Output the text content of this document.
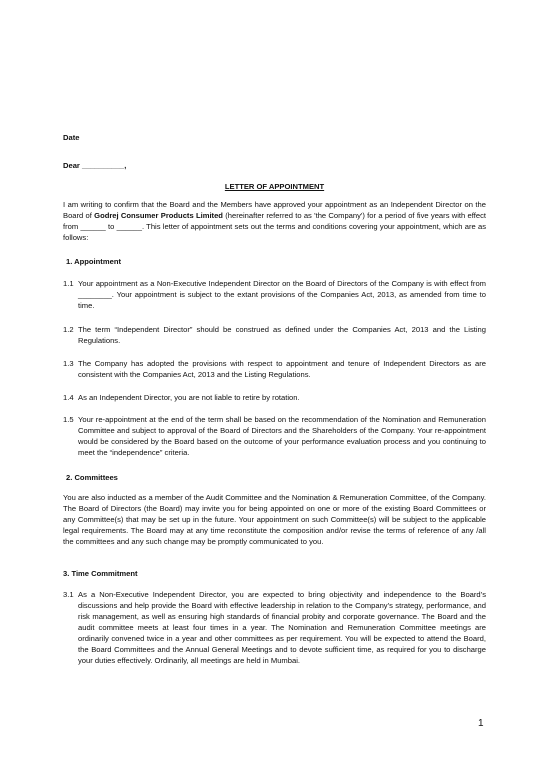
Date
Dear __________,
LETTER OF APPOINTMENT
I am writing to confirm that the Board and the Members have approved your appointment as an Independent Director on the Board of Godrej Consumer Products Limited (hereinafter referred to as 'the Company') for a period of five years with effect from ______ to ______. This letter of appointment sets out the terms and conditions covering your appointment, which are as follows:
1. Appointment
1.1 Your appointment as a Non-Executive Independent Director on the Board of Directors of the Company is with effect from ________. Your appointment is subject to the extant provisions of the Companies Act, 2013, as amended from time to time.
1.2 The term “Independent Director” should be construed as defined under the Companies Act, 2013 and the Listing Regulations.
1.3 The Company has adopted the provisions with respect to appointment and tenure of Independent Directors as are consistent with the Companies Act, 2013 and the Listing Regulations.
1.4 As an Independent Director, you are not liable to retire by rotation.
1.5 Your re-appointment at the end of the term shall be based on the recommendation of the Nomination and Remuneration Committee and subject to approval of the Board of Directors and the Shareholders of the Company. Your re-appointment would be considered by the Board based on the outcome of your performance evaluation process and you continuing to meet the “independence” criteria.
2. Committees
You are also inducted as a member of the Audit Committee and the Nomination & Remuneration Committee, of the Company. The Board of Directors (the Board) may invite you for being appointed on one or more of the existing Board Committees or any Committee(s) that may be set up in the future. Your appointment on such Committee(s) will be subject to the applicable legal requirements. The Board may at any time reconstitute the composition and/or revise the terms of reference of any /all the committees and any such change may be promptly communicated to you.
3. Time Commitment
3.1 As a Non-Executive Independent Director, you are expected to bring objectivity and independence to the Board’s discussions and help provide the Board with effective leadership in relation to the Company’s strategy, performance, and risk management, as well as ensuring high standards of financial probity and corporate governance. The Board and the audit committee meets at least four times in a year. The Nomination and Remuneration Committee meetings are ordinarily convened twice in a year and other committees as per requirement. You will be expected to attend the Board, the Board Committees and the Annual General Meetings and to devote sufficient time, as required for you to discharge your duties effectively. Ordinarily, all meetings are held in Mumbai.
1
